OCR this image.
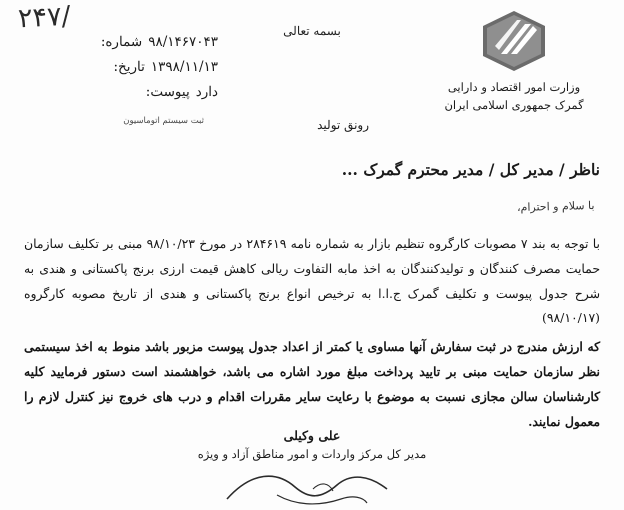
۲۴۷/	بسمه تعالی
۹۸/۱۴۶۷۰۴۳
شماره:
۱۳۹۸/۱۱/۱۳
تاریخ:
دارد
پیوست:
ثبت سیستم اتوماسیون
وزارت امور اقتصاد و دارایی
گمرک جمهوری اسلامی ایران
رونق تولید
ناظر / مدیر کل / مدیر محترم گمرک ...
با سلام و احترام،

با توجه به بند ۷ مصوبات کارگروه تنظیم بازار به شماره نامه ۲۸۴۶۱۹ در مورخ ۹۸/۱۰/۲۳ مبنی بر تکلیف سازمان حمایت مصرف کنندگان و تولیدکنندگان به اخذ مابه التفاوت ریالی کاهش قیمت ارزی برنج پاکستانی و هندی به شرح جدول پیوست و تکلیف گمرک ج.ا.ا به ترخیص انواع برنج پاکستانی و هندی از تاریخ مصوبه کارگروه (۹۸/۱۰/۱۷)

که ارزش مندرج در ثبت سفارش آنها مساوی یا کمتر از اعداد جدول پیوست مزبور باشد منوط به اخذ سیستمی نظر سازمان حمایت مبنی بر تایید پرداخت مبلغ مورد اشاره می باشد، خواهشمند است دستور فرمایید کلیه کارشناسان سالن مجازی نسبت به موضوع با رعایت سایر مقررات اقدام و درب های خروج نیز کنترل لازم را معمول نمایند.

علی وکیلی
مدیر کل مرکز واردات و امور مناطق آزاد و ویژه
